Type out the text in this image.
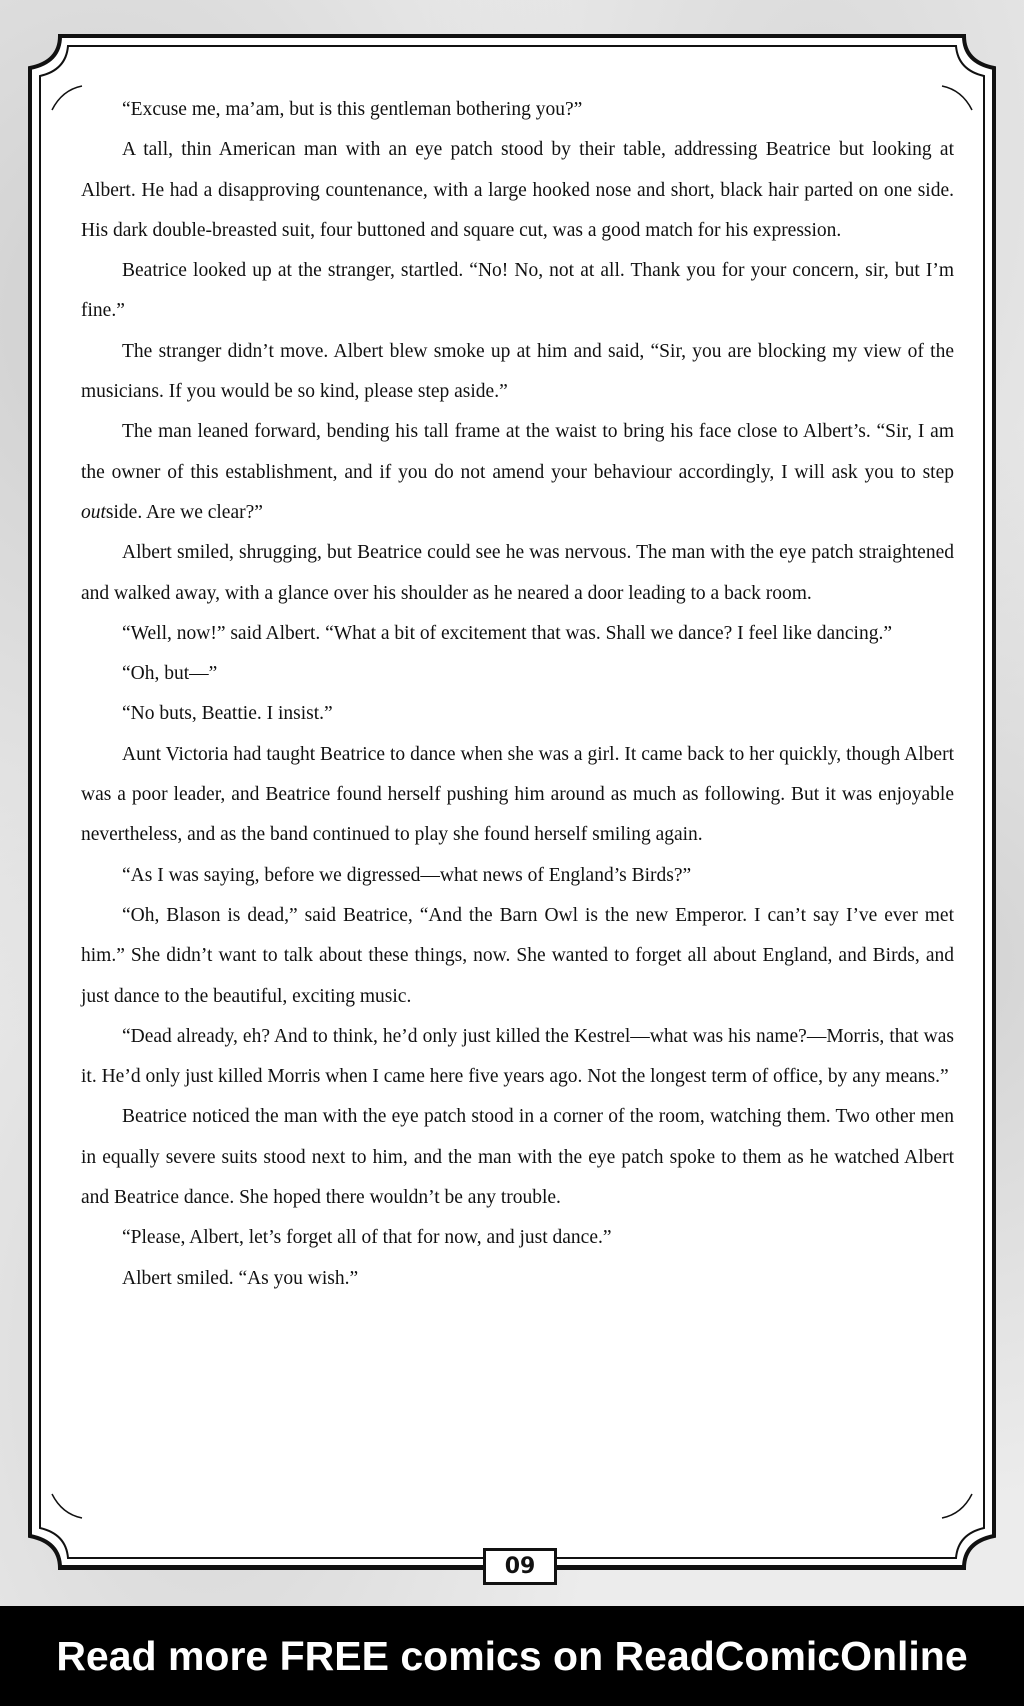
“Excuse me, ma’am, but is this gentleman bothering you?”

A tall, thin American man with an eye patch stood by their table, addressing Beatrice but looking at Albert. He had a disapproving countenance, with a large hooked nose and short, black hair parted on one side. His dark double-breasted suit, four buttoned and square cut, was a good match for his expression.

Beatrice looked up at the stranger, startled. “No! No, not at all. Thank you for your concern, sir, but I’m fine.”

The stranger didn’t move. Albert blew smoke up at him and said, “Sir, you are blocking my view of the musicians. If you would be so kind, please step aside.”

The man leaned forward, bending his tall frame at the waist to bring his face close to Albert’s. “Sir, I am the owner of this establishment, and if you do not amend your behaviour accordingly, I will ask you to step outside. Are we clear?”

Albert smiled, shrugging, but Beatrice could see he was nervous. The man with the eye patch straightened and walked away, with a glance over his shoulder as he neared a door leading to a back room.

“Well, now!” said Albert. “What a bit of excitement that was. Shall we dance? I feel like dancing.”

“Oh, but—”

“No buts, Beattie. I insist.”

Aunt Victoria had taught Beatrice to dance when she was a girl. It came back to her quickly, though Albert was a poor leader, and Beatrice found herself pushing him around as much as following. But it was enjoyable nevertheless, and as the band continued to play she found herself smiling again.

“As I was saying, before we digressed—what news of England’s Birds?”

“Oh, Blason is dead,” said Beatrice, “And the Barn Owl is the new Emperor. I can’t say I’ve ever met him.” She didn’t want to talk about these things, now. She wanted to forget all about England, and Birds, and just dance to the beautiful, exciting music.

“Dead already, eh? And to think, he’d only just killed the Kestrel—what was his name?—Morris, that was it. He’d only just killed Morris when I came here five years ago. Not the longest term of office, by any means.”

Beatrice noticed the man with the eye patch stood in a corner of the room, watching them. Two other men in equally severe suits stood next to him, and the man with the eye patch spoke to them as he watched Albert and Beatrice dance. She hoped there wouldn’t be any trouble.

“Please, Albert, let’s forget all of that for now, and just dance.”

Albert smiled. “As you wish.”

09
Read more FREE comics on ReadComicOnline
